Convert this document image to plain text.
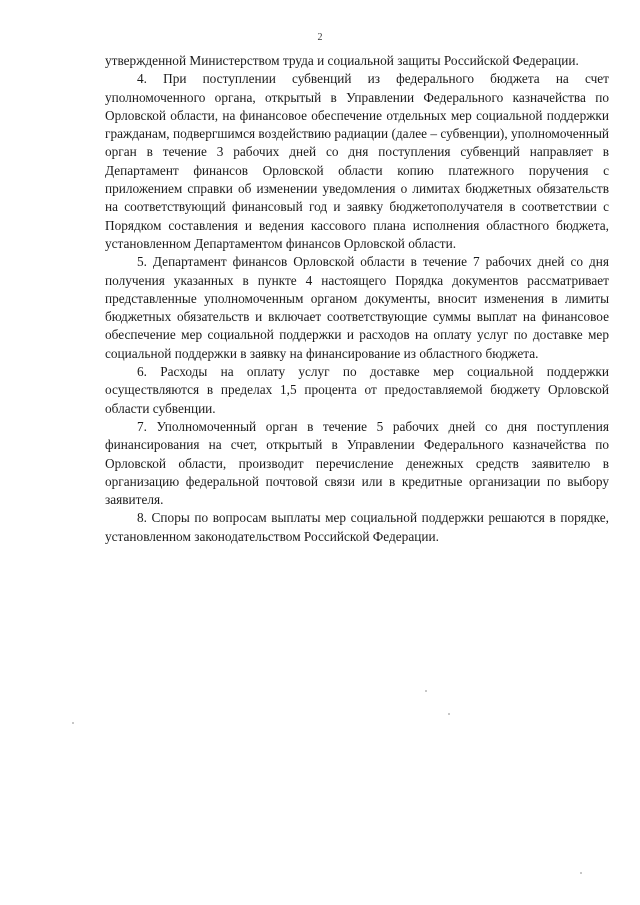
2

утвержденной Министерством труда и социальной защиты Российской Федерации.

4. При поступлении субвенций из федерального бюджета на счет уполномоченного органа, открытый в Управлении Федерального казначейства по Орловской области, на финансовое обеспечение отдельных мер социальной поддержки гражданам, подвергшимся воздействию радиации (далее – субвенции), уполномоченный орган в течение 3 рабочих дней со дня поступления субвенций направляет в Департамент финансов Орловской области копию платежного поручения с приложением справки об изменении уведомления о лимитах бюджетных обязательств на соответствующий финансовый год и заявку бюджетополучателя в соответствии с Порядком составления и ведения кассового плана исполнения областного бюджета, установленном Департаментом финансов Орловской области.

5. Департамент финансов Орловской области в течение 7 рабочих дней со дня получения указанных в пункте 4 настоящего Порядка документов рассматривает представленные уполномоченным органом документы, вносит изменения в лимиты бюджетных обязательств и включает соответствующие суммы выплат на финансовое обеспечение мер социальной поддержки и расходов на оплату услуг по доставке мер социальной поддержки в заявку на финансирование из областного бюджета.

6. Расходы на оплату услуг по доставке мер социальной поддержки осуществляются в пределах 1,5 процента от предоставляемой бюджету Орловской области субвенции.

7. Уполномоченный орган в течение 5 рабочих дней со дня поступления финансирования на счет, открытый в Управлении Федерального казначейства по Орловской области, производит перечисление денежных средств заявителю в организацию федеральной почтовой связи или в кредитные организации по выбору заявителя.

8. Споры по вопросам выплаты мер социальной поддержки решаются в порядке, установленном законодательством Российской Федерации.
